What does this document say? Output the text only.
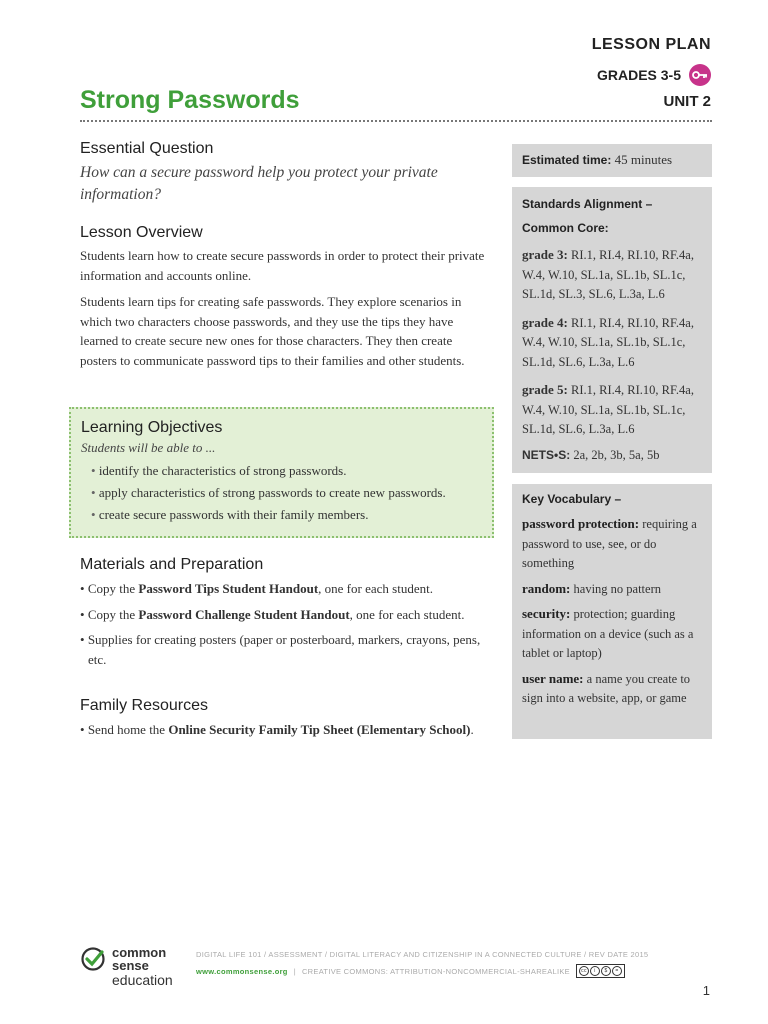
LESSON PLAN
GRADES 3-5
UNIT 2
Strong Passwords
Essential Question

How can a secure password help you protect your private information?

Lesson Overview

Students learn how to create secure passwords in order to protect their private information and accounts online.

Students learn tips for creating safe passwords. They explore scenarios in which two characters choose passwords, and they use the tips they have learned to create secure new ones for those characters. They then create posters to communicate password tips to their families and other students.

Learning Objectives
Students will be able to ...
• identify the characteristics of strong passwords.
• apply characteristics of strong passwords to create new passwords.
• create secure passwords with their family members.
Materials and Preparation
• Copy the Password Tips Student Handout, one for each student.
• Copy the Password Challenge Student Handout, one for each student.
• Supplies for creating posters (paper or posterboard, markers, crayons, pens, etc.
Family Resources
• Send home the Online Security Family Tip Sheet (Elementary School).
Estimated time: 45 minutes
Standards Alignment –
Common Core:
grade 3: RI.1, RI.4, RI.10, RF.4a, W.4, W.10, SL.1a, SL.1b, SL.1c, SL.1d, SL.3, SL.6, L.3a, L.6
grade 4: RI.1, RI.4, RI.10, RF.4a, W.4, W.10, SL.1a, SL.1b, SL.1c, SL.1d, SL.6, L.3a, L.6
grade 5: RI.1, RI.4, RI.10, RF.4a, W.4, W.10, SL.1a, SL.1b, SL.1c, SL.1d, SL.6, L.3a, L.6
NETS•S: 2a, 2b, 3b, 5a, 5b
Key Vocabulary –
password protection: requiring a password to use, see, or do something
random: having no pattern
security: protection; guarding information on a device (such as a tablet or laptop)
user name: a name you create to sign into a website, app, or game
common
sense
education
DIGITAL LIFE 101 / ASSESSMENT / DIGITAL LITERACY AND CITIZENSHIP IN A CONNECTED CULTURE / REV DATE 2015
www.commonsense.org | CREATIVE COMMONS: ATTRIBUTION-NONCOMMERCIAL-SHAREALIKE	cc	i	$	=
1
